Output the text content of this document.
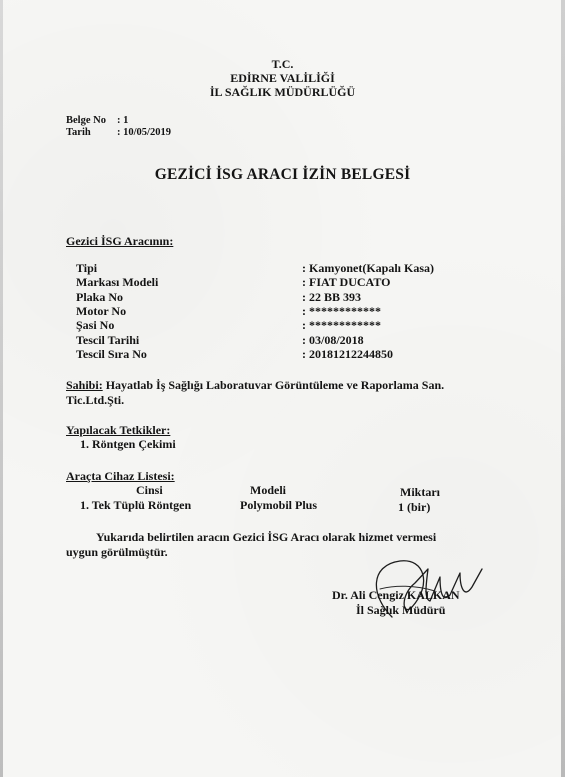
T.C.
EDİRNE VALİLİĞİ
İL SAĞLIK MÜDÜRLÜĞÜ
Belge No : 1
Tarih	: 10/05/2019
GEZİCİ İSG ARACI İZİN BELGESİ
Gezici İSG Aracının:
Tipi	: Kamyonet(Kapalı Kasa)
Markası Modeli	: FIAT DUCATO
Plaka No	: 22 BB 393
Motor No	: ************
Şasi No	: ************
Tescil Tarihi	: 03/08/2018
Tescil Sıra No	: 20181212244850
Sahibi: Hayatlab İş Sağlığı Laboratuvar Görüntüleme ve Raporlama San.
Tic.Ltd.Şti.
Yapılacak Tetkikler:
1. Röntgen Çekimi
Araçta Cihaz Listesi:
Cinsi	Modeli	Miktarı
1. Tek Tüplü Röntgen	Polymobil Plus	1 (bir)
Yukarıda belirtilen aracın Gezici İSG Aracı olarak hizmet vermesi
uygun görülmüştür.
Dr. Ali Cengiz KALKAN
İl Sağlık Müdürü
